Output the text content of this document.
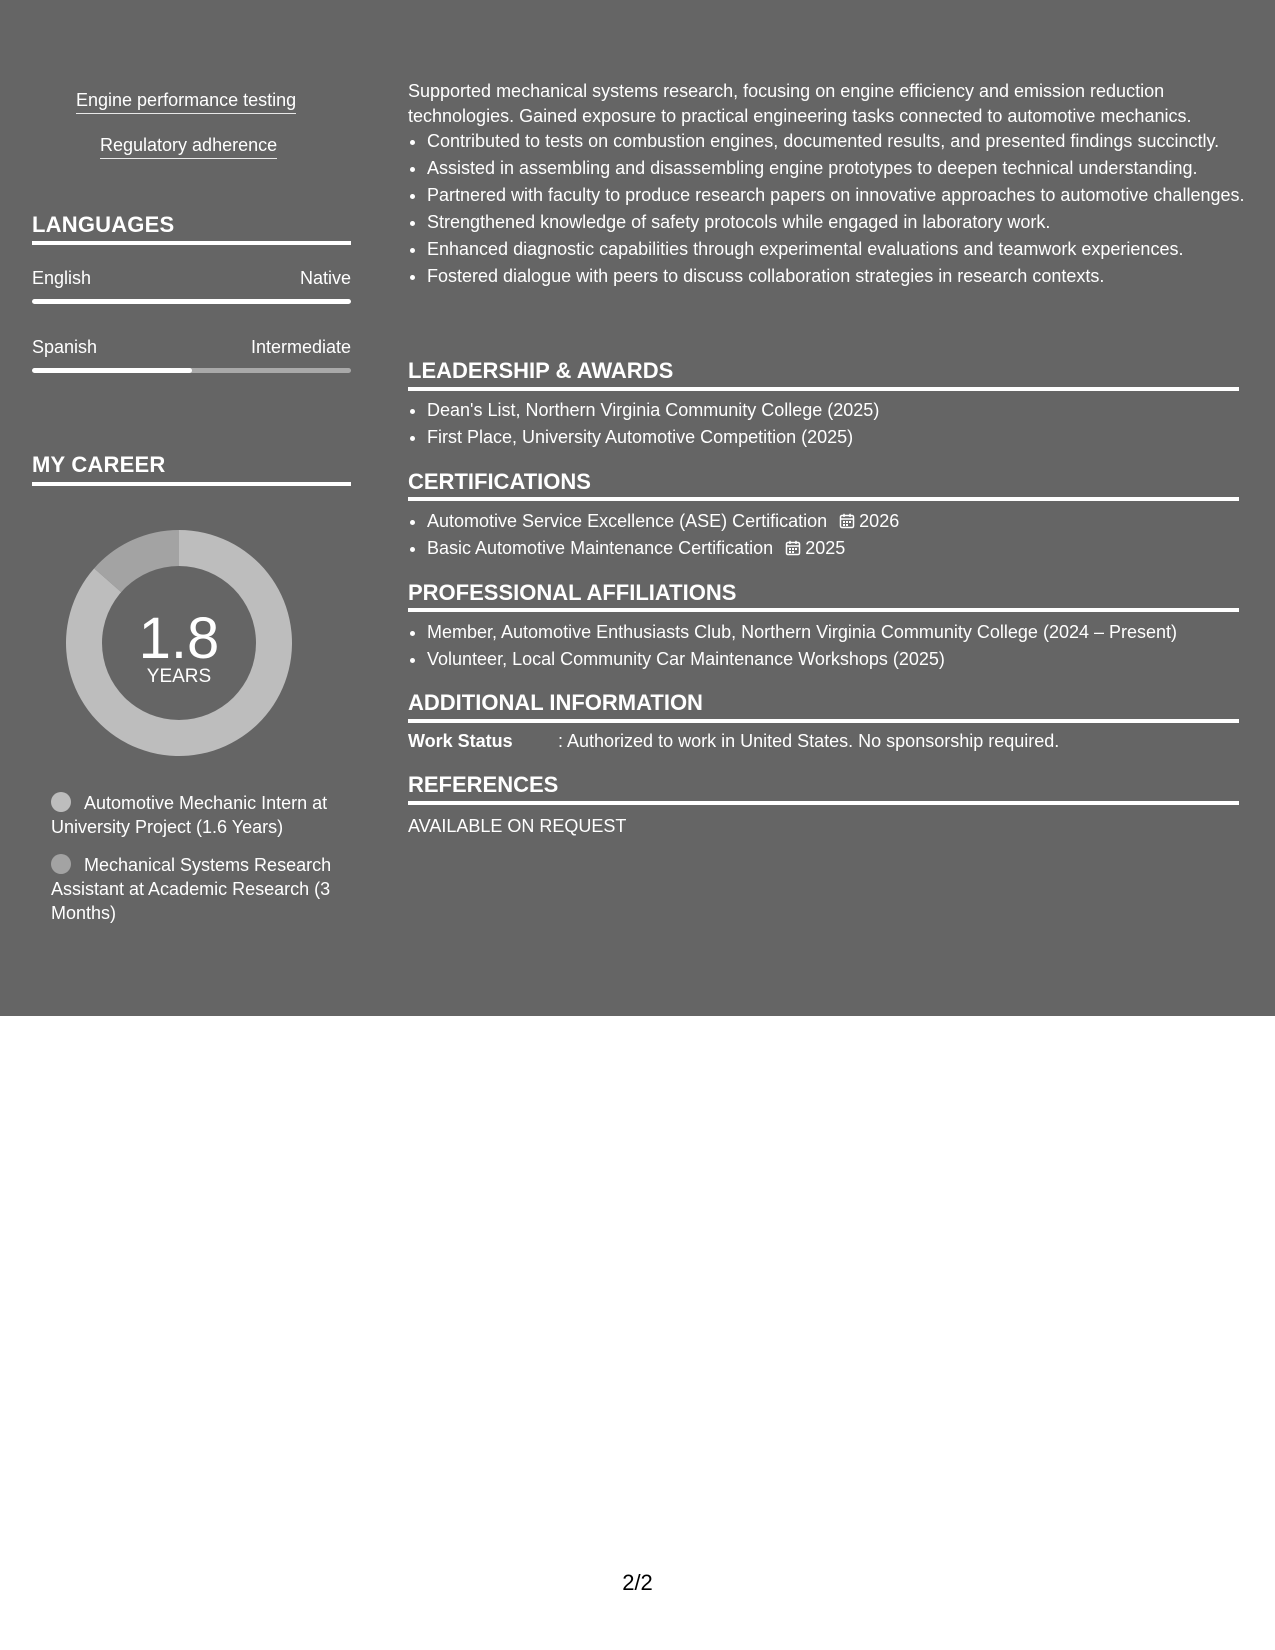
Engine performance testing
Regulatory adherence
LANGUAGES
English	Native
Spanish	Intermediate
MY CAREER
1.8
YEARS
Automotive Mechanic Intern at University Project (1.6 Years)
Mechanical Systems Research Assistant at Academic Research (3 Months)
Supported mechanical systems research, focusing on engine efficiency and emission reduction technologies. Gained exposure to practical engineering tasks connected to automotive mechanics.
• Contributed to tests on combustion engines, documented results, and presented findings succinctly.
• Assisted in assembling and disassembling engine prototypes to deepen technical understanding.
• Partnered with faculty to produce research papers on innovative approaches to automotive challenges.
• Strengthened knowledge of safety protocols while engaged in laboratory work.
• Enhanced diagnostic capabilities through experimental evaluations and teamwork experiences.
• Fostered dialogue with peers to discuss collaboration strategies in research contexts.
LEADERSHIP & AWARDS
• Dean's List, Northern Virginia Community College (2025)
• First Place, University Automotive Competition (2025)
CERTIFICATIONS
• Automotive Service Excellence (ASE) Certification 2026
• Basic Automotive Maintenance Certification 2025
PROFESSIONAL AFFILIATIONS
• Member, Automotive Enthusiasts Club, Northern Virginia Community College (2024 – Present)
• Volunteer, Local Community Car Maintenance Workshops (2025)
ADDITIONAL INFORMATION
Work Status	: Authorized to work in United States. No sponsorship required.
REFERENCES
AVAILABLE ON REQUEST
2/2
